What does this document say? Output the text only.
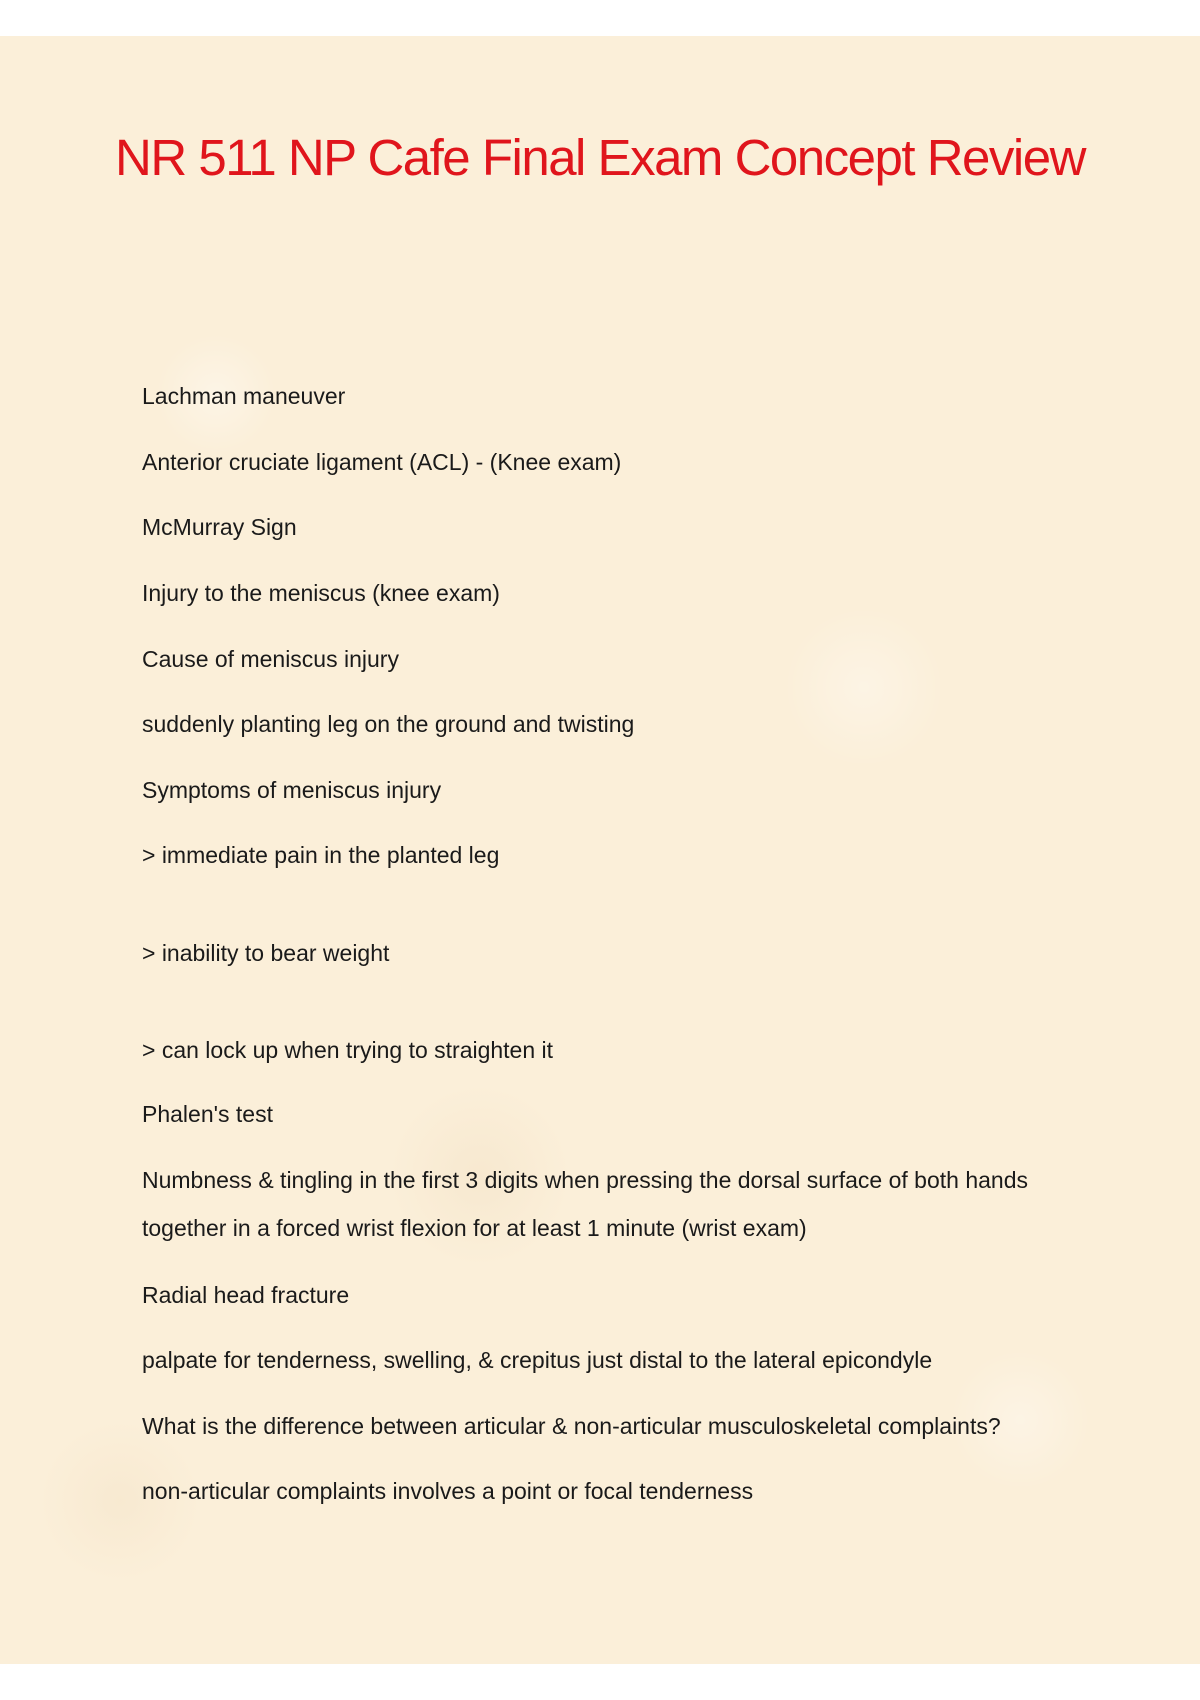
NR 511 NP Cafe Final Exam Concept Review

Lachman maneuver

Anterior cruciate ligament (ACL) - (Knee exam)

McMurray Sign

Injury to the meniscus (knee exam)

Cause of meniscus injury

suddenly planting leg on the ground and twisting

Symptoms of meniscus injury

> immediate pain in the planted leg

> inability to bear weight

> can lock up when trying to straighten it

Phalen's test

Numbness & tingling in the first 3 digits when pressing the dorsal surface of both hands together in a forced wrist flexion for at least 1 minute (wrist exam)

Radial head fracture

palpate for tenderness, swelling, & crepitus just distal to the lateral epicondyle

What is the difference between articular & non-articular musculoskeletal complaints?

non-articular complaints involves a point or focal tenderness
